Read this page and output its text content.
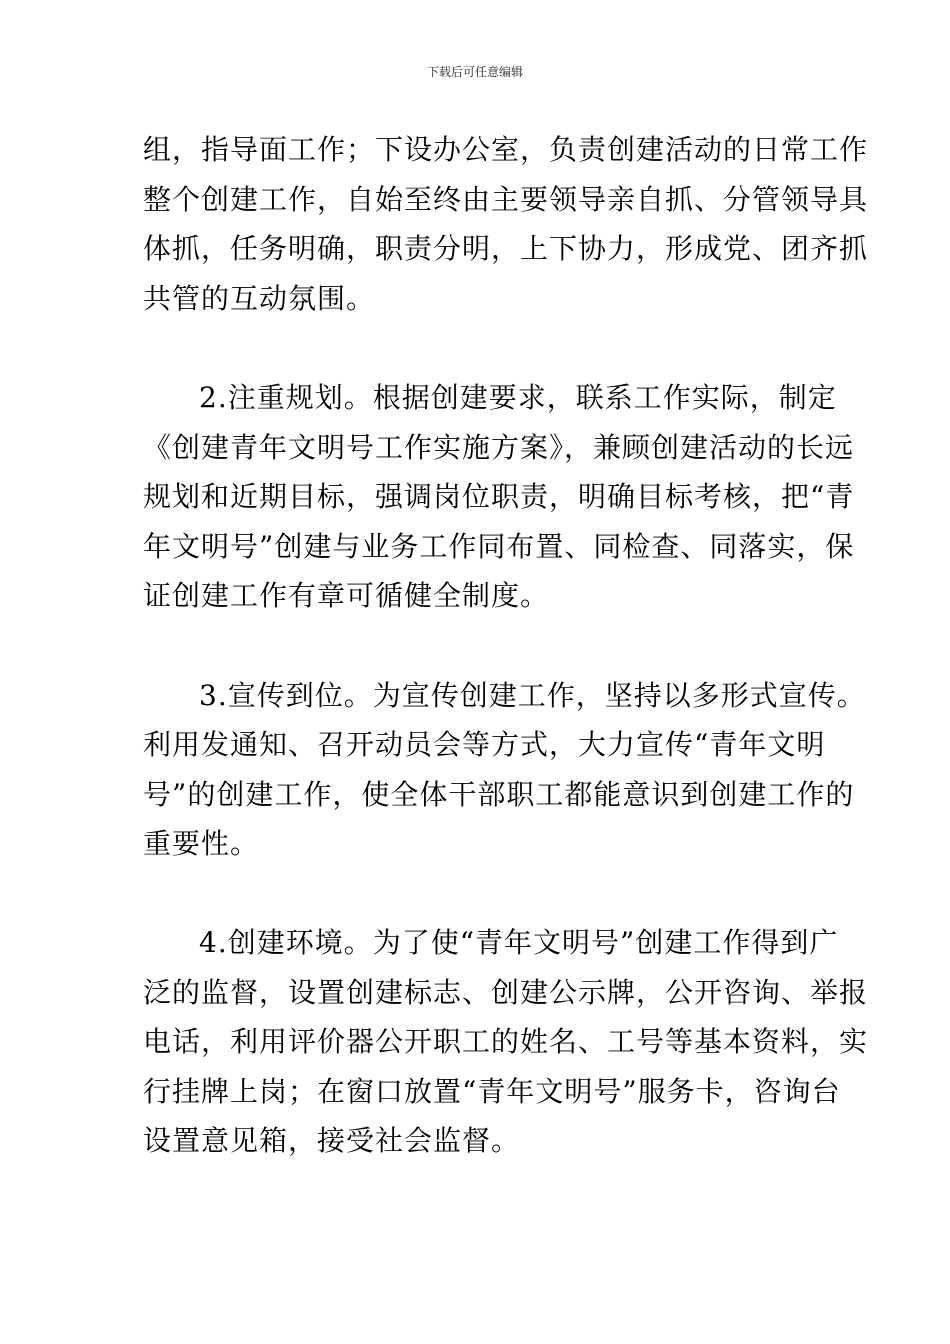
下载后可任意编辑
组，指导面工作；下设办公室，负责创建活动的日常工作
整个创建工作，自始至终由主要领导亲自抓、分管领导具
体抓，任务明确，职责分明，上下协力，形成党、团齐抓
共管的互动氛围。
2.注重规划。根据创建要求，联系工作实际，制定
《创建青年文明号工作实施方案》，兼顾创建活动的长远
规划和近期目标，强调岗位职责，明确目标考核，把“青
年文明号”创建与业务工作同布置、同检查、同落实，保
证创建工作有章可循健全制度。
3.宣传到位。为宣传创建工作，坚持以多形式宣传。
利用发通知、召开动员会等方式，大力宣传“青年文明
号”的创建工作，使全体干部职工都能意识到创建工作的
重要性。
4.创建环境。为了使“青年文明号”创建工作得到广
泛的监督，设置创建标志、创建公示牌，公开咨询、举报
电话，利用评价器公开职工的姓名、工号等基本资料，实
行挂牌上岗；在窗口放置“青年文明号”服务卡，咨询台
设置意见箱，接受社会监督。
